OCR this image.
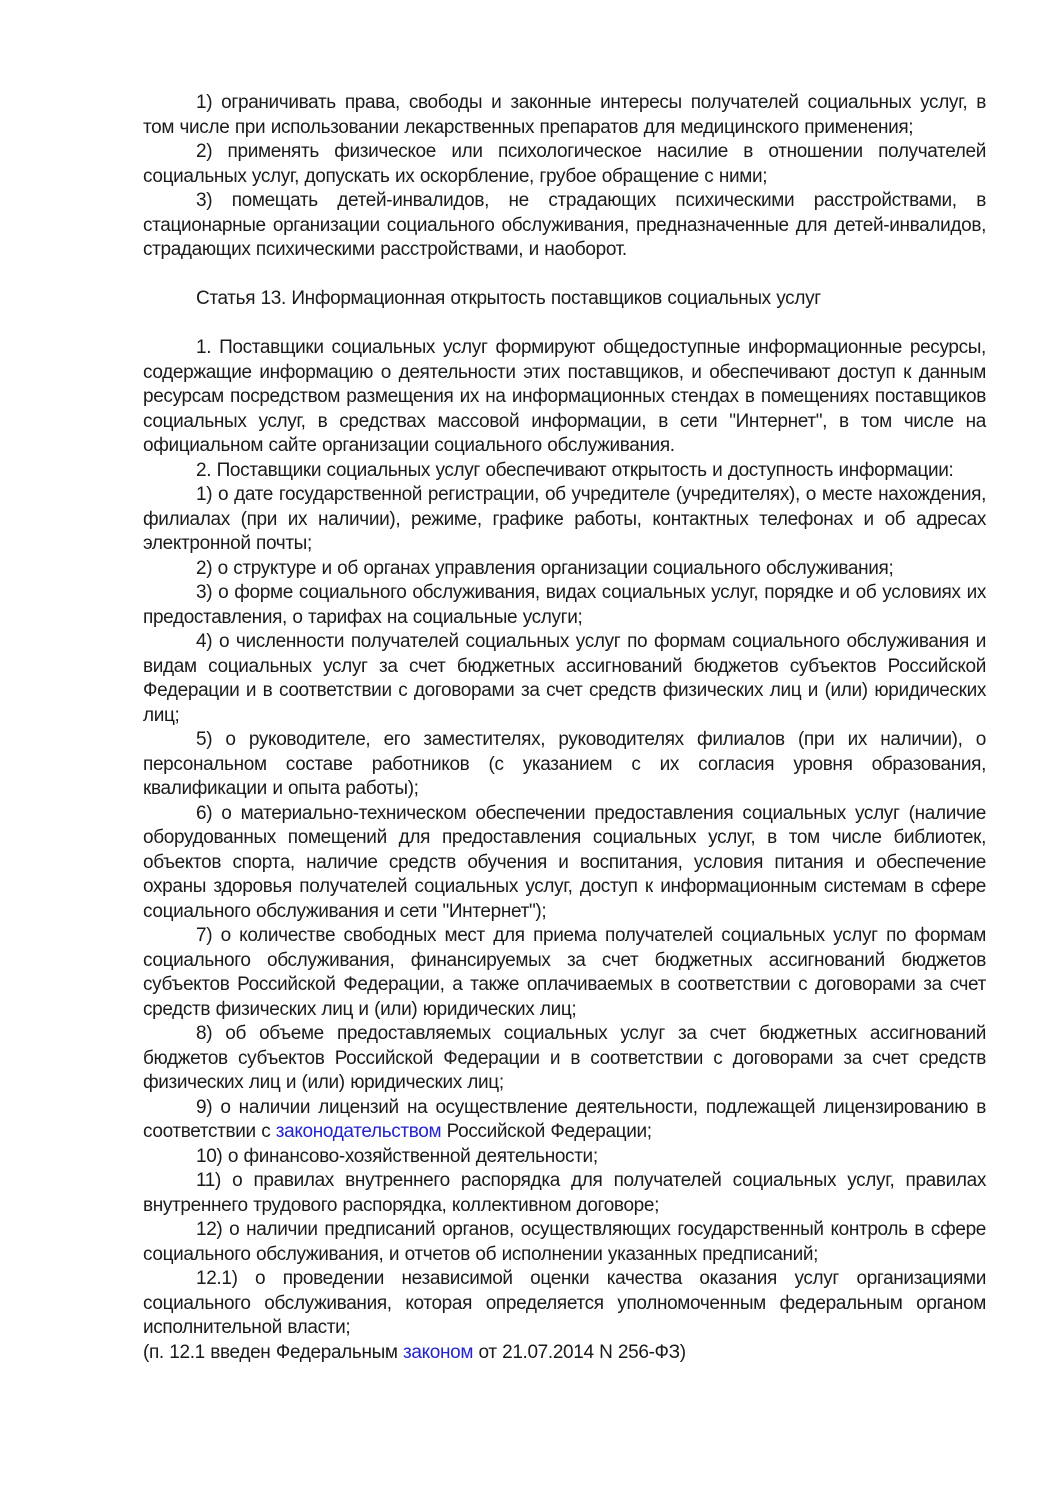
1) ограничивать права, свободы и законные интересы получателей социальных услуг, в том числе при использовании лекарственных препаратов для медицинского применения;

2) применять физическое или психологическое насилие в отношении получателей социальных услуг, допускать их оскорбление, грубое обращение с ними;

3) помещать детей-инвалидов, не страдающих психическими расстройствами, в стационарные организации социального обслуживания, предназначенные для детей-инвалидов, страдающих психическими расстройствами, и наоборот.

Статья 13. Информационная открытость поставщиков социальных услуг

1. Поставщики социальных услуг формируют общедоступные информационные ресурсы, содержащие информацию о деятельности этих поставщиков, и обеспечивают доступ к данным ресурсам посредством размещения их на информационных стендах в помещениях поставщиков социальных услуг, в средствах массовой информации, в сети "Интернет", в том числе на официальном сайте организации социального обслуживания.

2. Поставщики социальных услуг обеспечивают открытость и доступность информации:

1) о дате государственной регистрации, об учредителе (учредителях), о месте нахождения, филиалах (при их наличии), режиме, графике работы, контактных телефонах и об адресах электронной почты;

2) о структуре и об органах управления организации социального обслуживания;

3) о форме социального обслуживания, видах социальных услуг, порядке и об условиях их предоставления, о тарифах на социальные услуги;

4) о численности получателей социальных услуг по формам социального обслуживания и видам социальных услуг за счет бюджетных ассигнований бюджетов субъектов Российской Федерации и в соответствии с договорами за счет средств физических лиц и (или) юридических лиц;

5) о руководителе, его заместителях, руководителях филиалов (при их наличии), о персональном составе работников (с указанием с их согласия уровня образования, квалификации и опыта работы);

6) о материально-техническом обеспечении предоставления социальных услуг (наличие оборудованных помещений для предоставления социальных услуг, в том числе библиотек, объектов спорта, наличие средств обучения и воспитания, условия питания и обеспечение охраны здоровья получателей социальных услуг, доступ к информационным системам в сфере социального обслуживания и сети "Интернет");

7) о количестве свободных мест для приема получателей социальных услуг по формам социального обслуживания, финансируемых за счет бюджетных ассигнований бюджетов субъектов Российской Федерации, а также оплачиваемых в соответствии с договорами за счет средств физических лиц и (или) юридических лиц;

8) об объеме предоставляемых социальных услуг за счет бюджетных ассигнований бюджетов субъектов Российской Федерации и в соответствии с договорами за счет средств физических лиц и (или) юридических лиц;

9) о наличии лицензий на осуществление деятельности, подлежащей лицензированию в соответствии с законодательством Российской Федерации;

10) о финансово-хозяйственной деятельности;

11) о правилах внутреннего распорядка для получателей социальных услуг, правилах внутреннего трудового распорядка, коллективном договоре;

12) о наличии предписаний органов, осуществляющих государственный контроль в сфере социального обслуживания, и отчетов об исполнении указанных предписаний;

12.1) о проведении независимой оценки качества оказания услуг организациями социального обслуживания, которая определяется уполномоченным федеральным органом исполнительной власти;

(п. 12.1 введен Федеральным законом от 21.07.2014 N 256-ФЗ)
